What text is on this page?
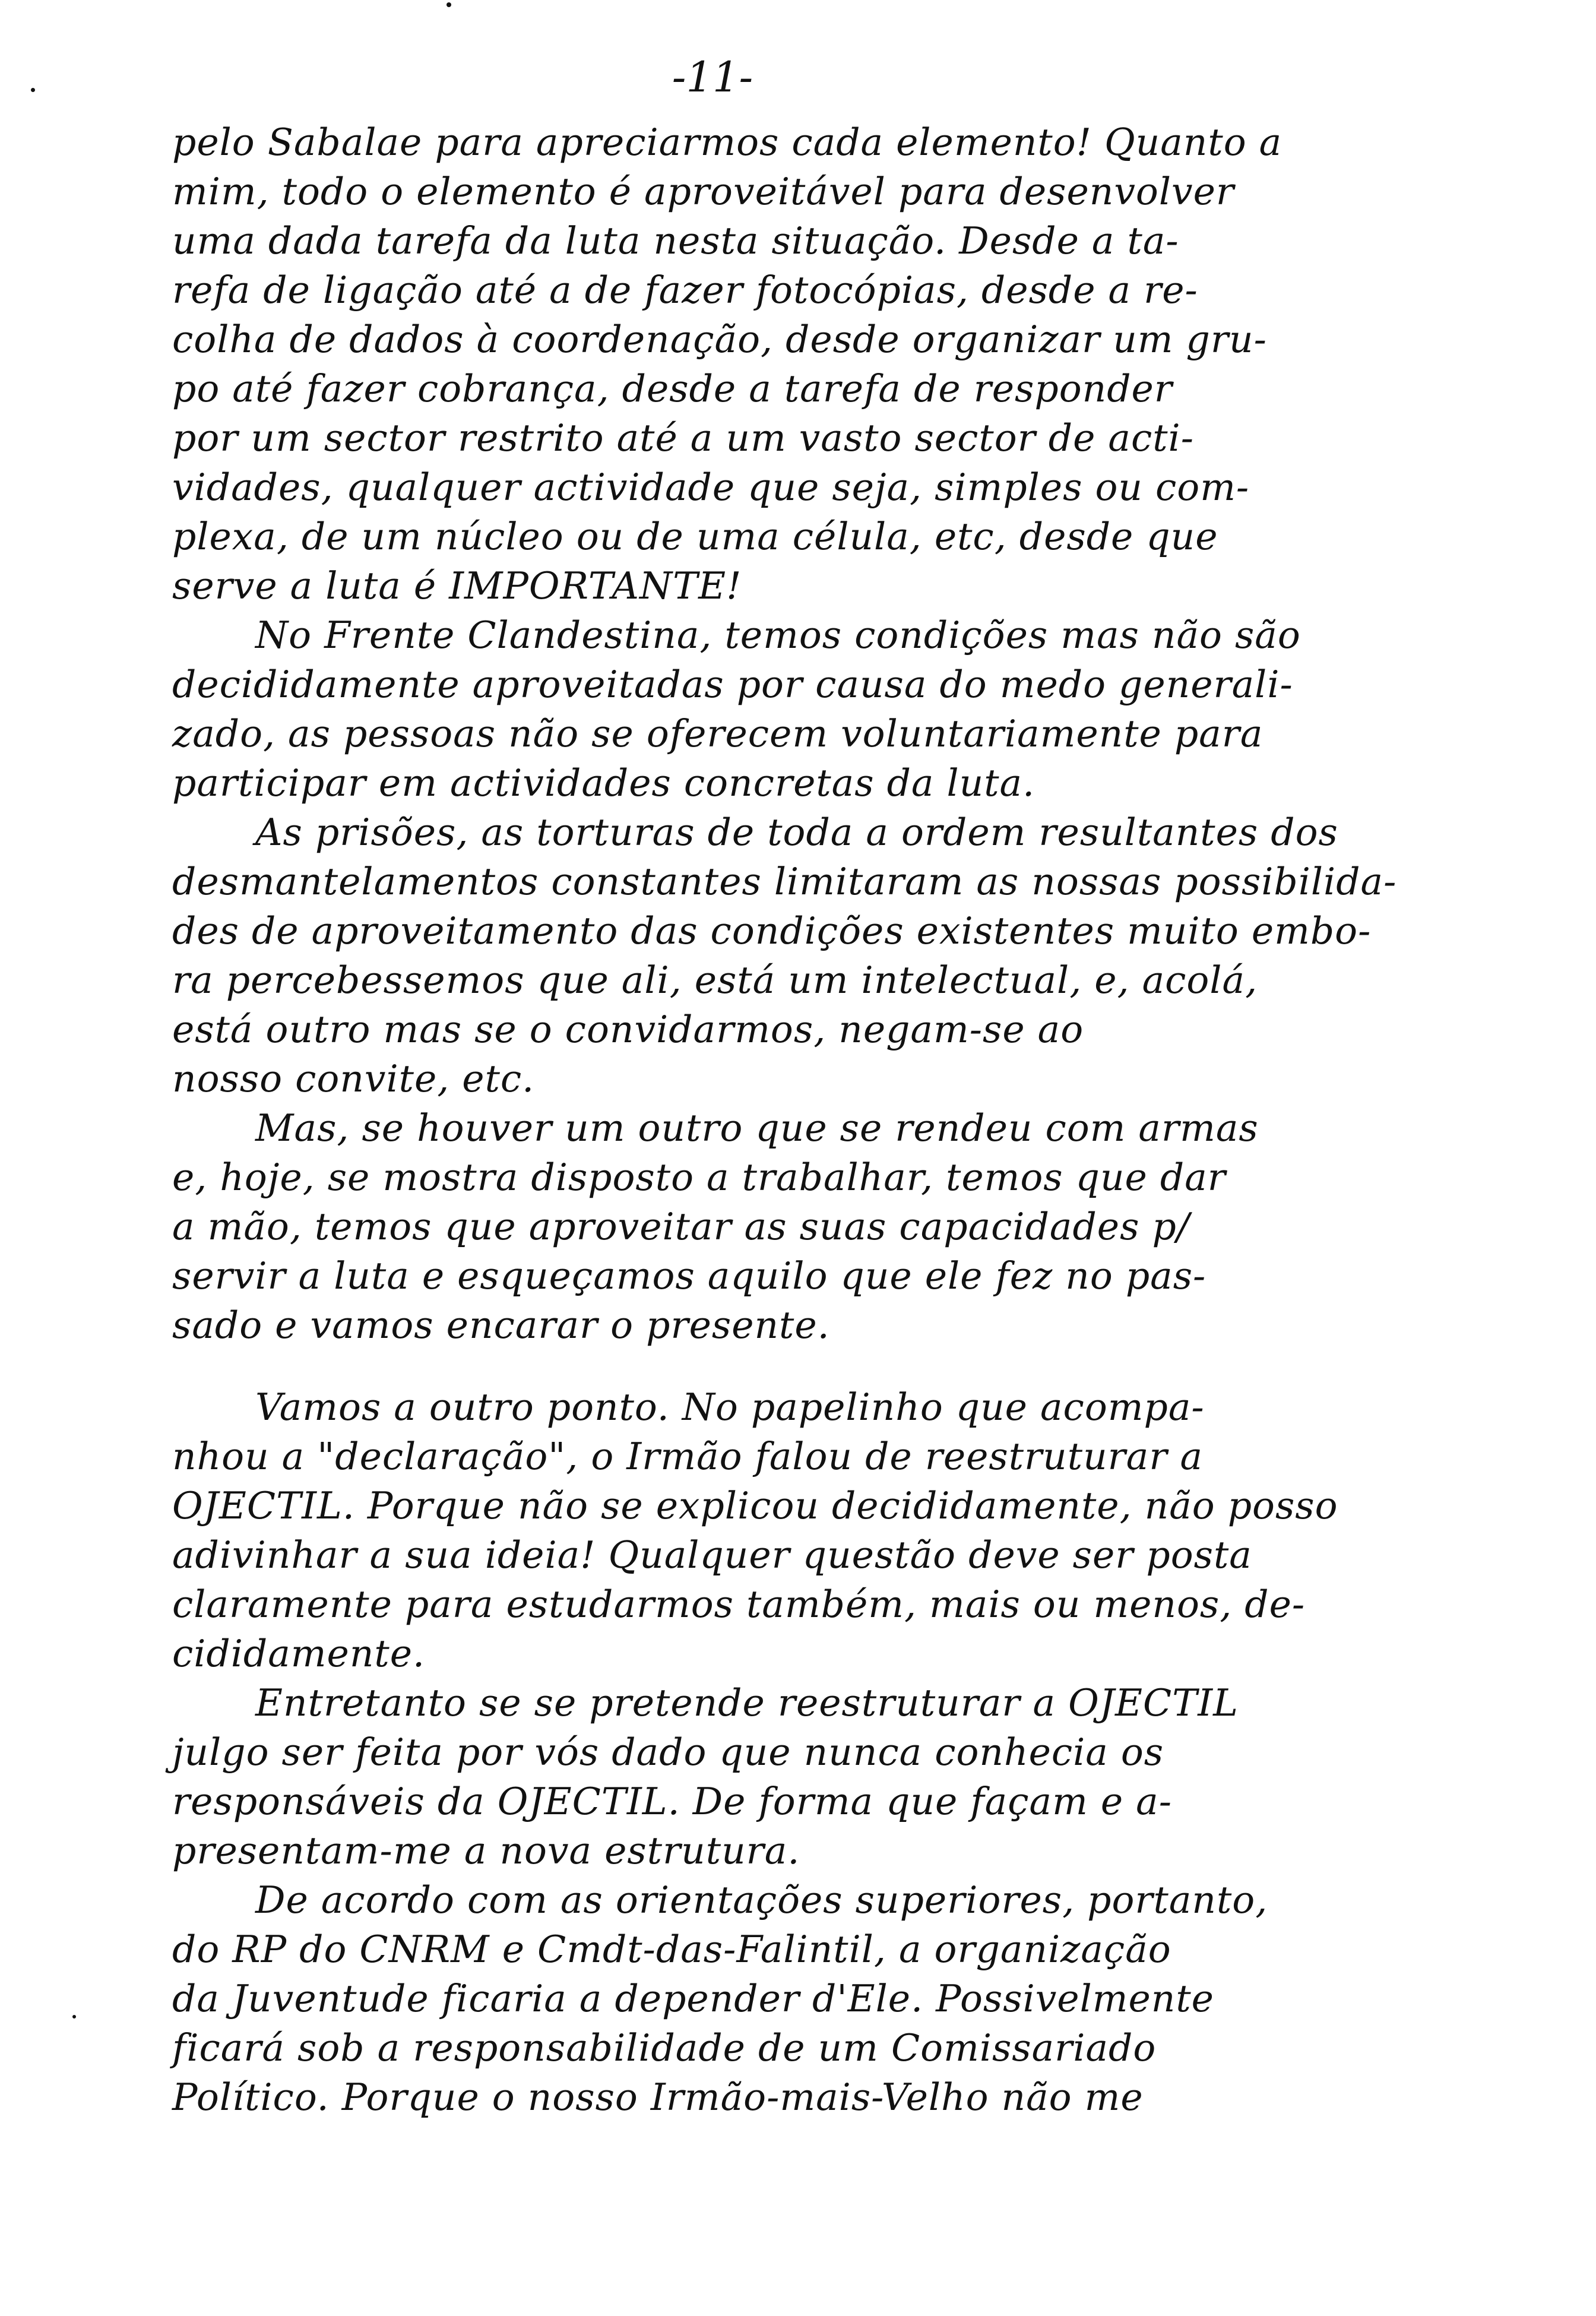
-11-
pelo Sabalae para apreciarmos cada elemento! Quanto a
mim, todo o elemento é aproveitável para desenvolver
uma dada tarefa da luta nesta situação. Desde a ta-
refa de ligação até a de fazer fotocópias, desde a re-
colha de dados à coordenação, desde organizar um gru-
po até fazer cobrança, desde a tarefa de responder
por um sector restrito até a um vasto sector de acti-
vidades, qualquer actividade que seja, simples ou com-
plexa, de um núcleo ou de uma célula, etc, desde que
serve a luta é IMPORTANTE!
No Frente Clandestina, temos condições mas não são
decididamente aproveitadas por causa do medo generali-
zado, as pessoas não se oferecem voluntariamente para
participar em actividades concretas da luta.
As prisões, as torturas de toda a ordem resultantes dos
desmantelamentos constantes limitaram as nossas possibilida-
des de aproveitamento das condições existentes muito embo-
ra percebessemos que ali, está um intelectual, e, acolá,
está outro mas se o convidarmos, negam-se ao
nosso convite, etc.
Mas, se houver um outro que se rendeu com armas
e, hoje, se mostra disposto a trabalhar, temos que dar
a mão, temos que aproveitar as suas capacidades p/
servir a luta e esqueçamos aquilo que ele fez no pas-
sado e vamos encarar o presente.
Vamos a outro ponto. No papelinho que acompa-
nhou a "declaração", o Irmão falou de reestruturar a
OJECTIL. Porque não se explicou decididamente, não posso
adivinhar a sua ideia! Qualquer questão deve ser posta
claramente para estudarmos também, mais ou menos, de-
cididamente.
Entretanto se se pretende reestruturar a OJECTIL
julgo ser feita por vós dado que nunca conhecia os
responsáveis da OJECTIL. De forma que façam e a-
presentam-me a nova estrutura.
De acordo com as orientações superiores, portanto,
do RP do CNRM e Cmdt-das-Falintil, a organização
da Juventude ficaria a depender d'Ele. Possivelmente
ficará sob a responsabilidade de um Comissariado
Político. Porque o nosso Irmão-mais-Velho não me
